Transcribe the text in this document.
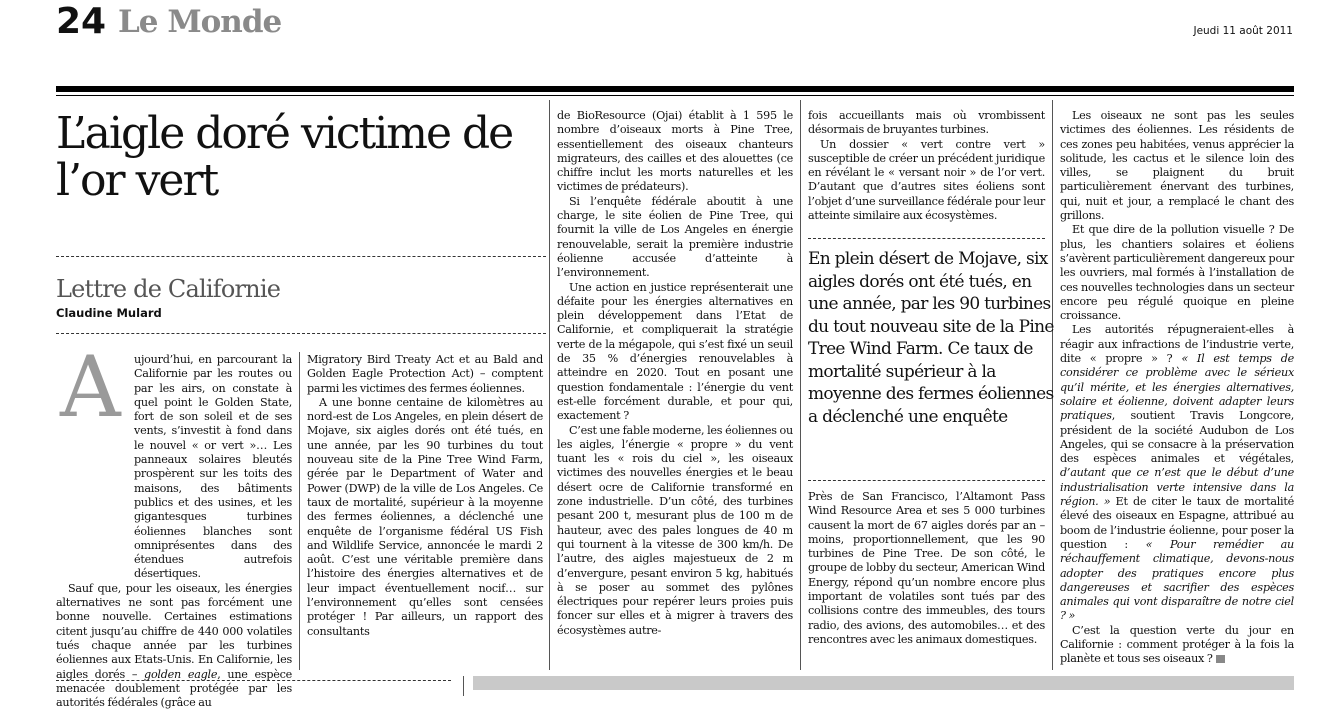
24 Le Monde	Jeudi 11 août 2011
L’aigle doré victime de l’or vert
Lettre de Californie
Claudine Mulard
A	ujourd’hui, en parcourant la Californie par les routes ou par les airs, on constate à quel point le Golden State, fort de son soleil et de ses vents, s’investit à fond dans le nouvel « or vert »… Les panneaux solaires bleutés prospèrent sur les toits des maisons, des bâtiments publics et des usines, et les gigantesques turbines éoliennes blanches sont omniprésentes dans des étendues autrefois désertiques.

Sauf que, pour les oiseaux, les énergies alternatives ne sont pas forcément une bonne nouvelle. Certaines estimations citent jusqu’au chiffre de 440 000 volatiles tués chaque année par les turbines éoliennes aux Etats-Unis. En Californie, les aigles dorés – golden eagle, une espèce menacée doublement protégée par les autorités fédérales (grâce au

Migratory Bird Treaty Act et au Bald and Golden Eagle Protection Act) – comptent parmi les victimes des fermes éoliennes.

A une bonne centaine de kilomètres au nord-est de Los Angeles, en plein désert de Mojave, six aigles dorés ont été tués, en une année, par les 90 turbines du tout nouveau site de la Pine Tree Wind Farm, gérée par le Department of Water and Power (DWP) de la ville de Los Angeles. Ce taux de mortalité, supérieur à la moyenne des fermes éoliennes, a déclenché une enquête de l’organisme fédéral US Fish and Wildlife Service, annoncée le mardi 2 août. C’est une véritable première dans l’histoire des énergies alternatives et de leur impact éventuellement nocif… sur l’environnement qu’elles sont censées protéger ! Par ailleurs, un rapport des consultants

de BioResource (Ojai) établit à 1 595 le nombre d’oiseaux morts à Pine Tree, essentiellement des oiseaux chanteurs migrateurs, des cailles et des alouettes (ce chiffre inclut les morts naturelles et les victimes de prédateurs).

Si l’enquête fédérale aboutit à une charge, le site éolien de Pine Tree, qui fournit la ville de Los Angeles en énergie renouvelable, serait la première industrie éolienne accusée d’atteinte à l’environnement.

Une action en justice représenterait une défaite pour les énergies alternatives en plein développement dans l’Etat de Californie, et compliquerait la stratégie verte de la mégapole, qui s’est fixé un seuil de 35 % d’énergies renouvelables à atteindre en 2020. Tout en posant une question fondamentale : l’énergie du vent est-elle forcément durable, et pour qui, exactement ?

C’est une fable moderne, les éoliennes ou les aigles, l’énergie « propre » du vent tuant les « rois du ciel », les oiseaux victimes des nouvelles énergies et le beau désert ocre de Californie transformé en zone industrielle. D’un côté, des turbines pesant 200 t, mesurant plus de 100 m de hauteur, avec des pales longues de 40 m qui tournent à la vitesse de 300 km/h. De l’autre, des aigles majestueux de 2 m d’envergure, pesant environ 5 kg, habitués à se poser au sommet des pylônes électriques pour repérer leurs proies puis foncer sur elles et à migrer à travers des écosystèmes autre-

fois accueillants mais où vrombissent désormais de bruyantes turbines.

Un dossier « vert contre vert » susceptible de créer un précédent juridique en révélant le « versant noir » de l’or vert. D’autant que d’autres sites éoliens sont l’objet d’une surveillance fédérale pour leur atteinte similaire aux écosystèmes.

En plein désert de Mojave, six aigles dorés ont été tués, en une année, par les 90 turbines du tout nouveau site de la Pine Tree Wind Farm. Ce taux de mortalité supérieur à la moyenne des fermes éoliennes a déclenché une enquête

Près de San Francisco, l’Altamont Pass Wind Resource Area et ses 5 000 turbines causent la mort de 67 aigles dorés par an – moins, proportionnellement, que les 90 turbines de Pine Tree. De son côté, le groupe de lobby du secteur, American Wind Energy, répond qu’un nombre encore plus important de volatiles sont tués par des collisions contre des immeubles, des tours radio, des avions, des automobiles… et des rencontres avec les animaux domestiques.

Les oiseaux ne sont pas les seules victimes des éoliennes. Les résidents de ces zones peu habitées, venus apprécier la solitude, les cactus et le silence loin des villes, se plaignent du bruit particulièrement énervant des turbines, qui, nuit et jour, a remplacé le chant des grillons.

Et que dire de la pollution visuelle ? De plus, les chantiers solaires et éoliens s’avèrent particulièrement dangereux pour les ouvriers, mal formés à l’installation de ces nouvelles technologies dans un secteur encore peu régulé quoique en pleine croissance.

Les autorités répugneraient-elles à réagir aux infractions de l’industrie verte, dite « propre » ? « Il est temps de considérer ce problème avec le sérieux qu’il mérite, et les énergies alternatives, solaire et éolienne, doivent adapter leurs pratiques, soutient Travis Longcore, président de la société Audubon de Los Angeles, qui se consacre à la préservation des espèces animales et végétales, d’autant que ce n’est que le début d’une industrialisation verte intensive dans la région. » Et de citer le taux de mortalité élevé des oiseaux en Espagne, attribué au boom de l’industrie éolienne, pour poser la question : « Pour remédier au réchauffement climatique, devons-nous adopter des pratiques encore plus dangereuses et sacrifier des espèces animales qui vont disparaître de notre ciel ? »

C’est la question verte du jour en Californie : comment protéger à la fois la planète et tous ses oiseaux ?
